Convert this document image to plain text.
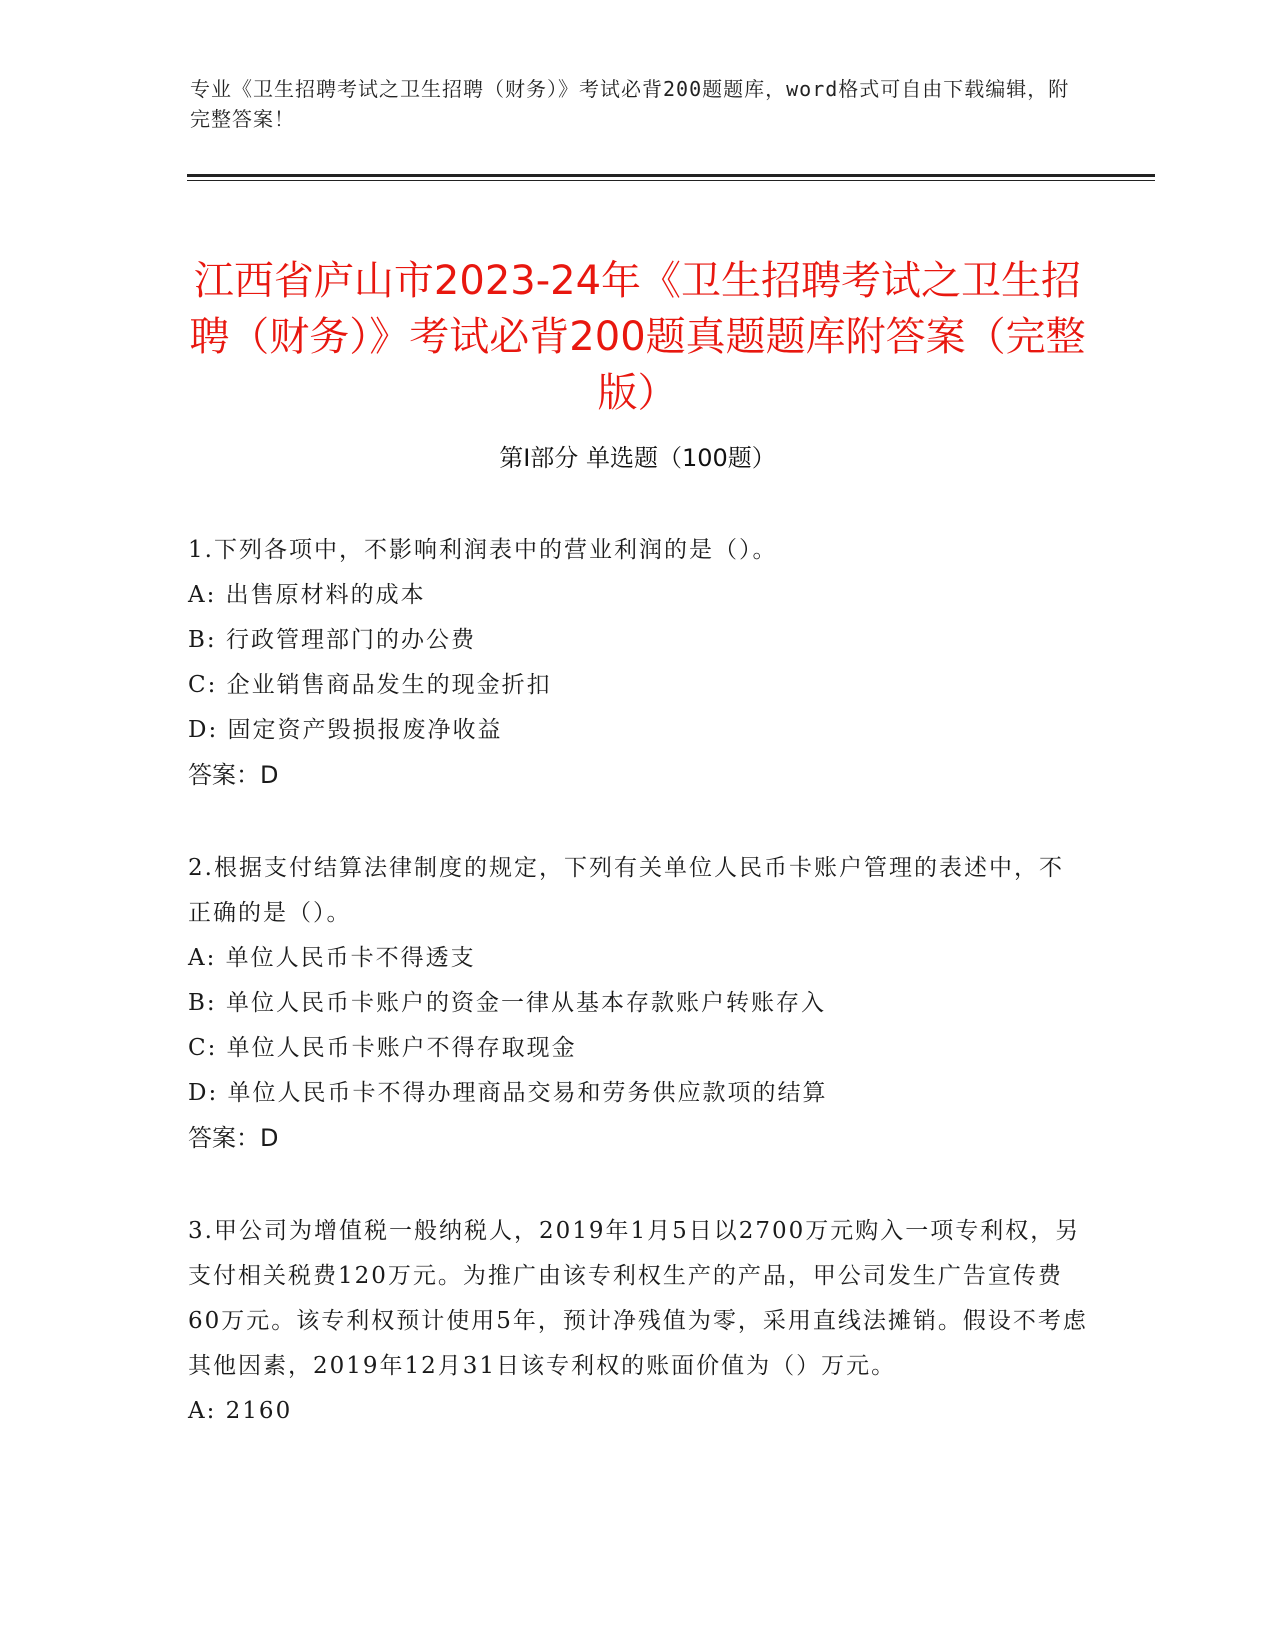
专业《卫生招聘考试之卫生招聘（财务）》考试必背200题题库，word格式可自由下载编辑，附完整答案！
江西省庐山市2023-24年《卫生招聘考试之卫生招聘（财务）》考试必背200题真题题库附答案（完整版）
第Ⅰ部分 单选题（100题）
1.下列各项中，不影响利润表中的营业利润的是（）。
A: 出售原材料的成本
B: 行政管理部门的办公费
C: 企业销售商品发生的现金折扣
D: 固定资产毁损报废净收益
答案：D
2.根据支付结算法律制度的规定，下列有关单位人民币卡账户管理的表述中，不正确的是（）。
A: 单位人民币卡不得透支
B: 单位人民币卡账户的资金一律从基本存款账户转账存入
C: 单位人民币卡账户不得存取现金
D: 单位人民币卡不得办理商品交易和劳务供应款项的结算
答案：D
3.甲公司为增值税一般纳税人，2019年1月5日以2700万元购入一项专利权，另支付相关税费120万元。为推广由该专利权生产的产品，甲公司发生广告宣传费60万元。该专利权预计使用5年，预计净残值为零，采用直线法摊销。假设不考虑其他因素，2019年12月31日该专利权的账面价值为（）万元。
A: 2160
